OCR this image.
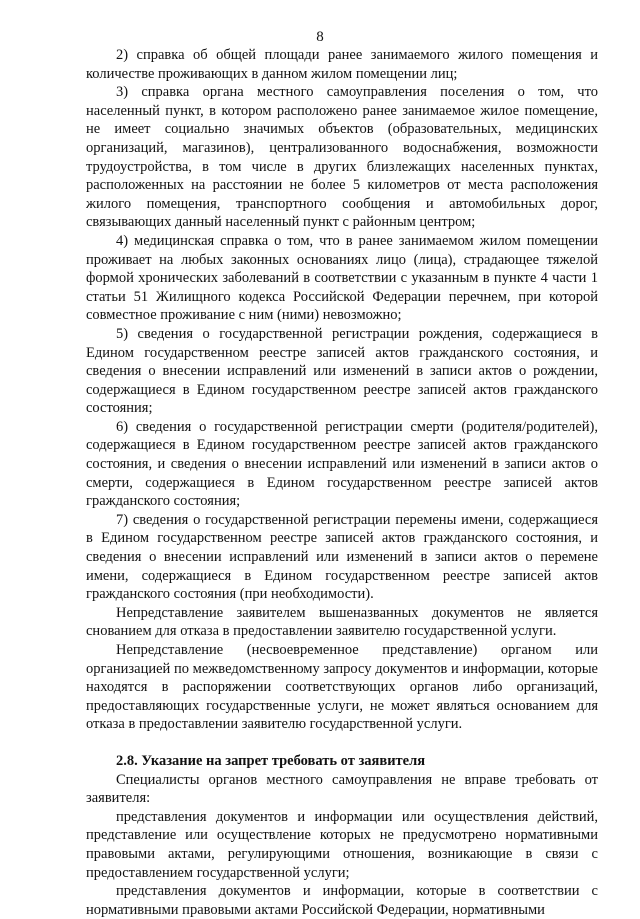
8

2) справка об общей площади ранее занимаемого жилого помещения и количестве проживающих в данном жилом помещении лиц;

3) справка органа местного самоуправления поселения о том, что населенный пункт, в котором расположено ранее занимаемое жилое помещение, не имеет социально значимых объектов (образовательных, медицинских организаций, магазинов), централизованного водоснабжения, возможности трудоустройства, в том числе в других близлежащих населенных пунктах, расположенных на расстоянии не более 5 километров от места расположения жилого помещения, транспортного сообщения и автомобильных дорог, связывающих данный населенный пункт с районным центром;

4) медицинская справка о том, что в ранее занимаемом жилом помещении проживает на любых законных основаниях лицо (лица), страдающее тяжелой формой хронических заболеваний в соответствии с указанным в пункте 4 части 1 статьи 51 Жилищного кодекса Российской Федерации перечнем, при которой совместное проживание с ним (ними) невозможно;

5) сведения о государственной регистрации рождения, содержащиеся в Едином государственном реестре записей актов гражданского состояния, и сведения о внесении исправлений или изменений в записи актов о рождении, содержащиеся в Едином государственном реестре записей актов гражданского состояния;

6) сведения о государственной регистрации смерти (родителя/родителей), содержащиеся в Едином государственном реестре записей актов гражданского состояния, и сведения о внесении исправлений или изменений в записи актов о смерти, содержащиеся в Едином государственном реестре записей актов гражданского состояния;

7) сведения о государственной регистрации перемены имени, содержащиеся в Едином государственном реестре записей актов гражданского состояния, и сведения о внесении исправлений или изменений в записи актов о перемене имени, содержащиеся в Едином государственном реестре записей актов гражданского состояния (при необходимости).

Непредставление заявителем вышеназванных документов не является снованием для отказа в предоставлении заявителю государственной услуги.

Непредставление (несвоевременное представление) органом или организацией по межведомственному запросу документов и информации, которые находятся в распоряжении соответствующих органов либо организаций, предоставляющих государственные услуги, не может являться основанием для отказа в предоставлении заявителю государственной услуги.

2.8. Указание на запрет требовать от заявителя

Специалисты органов местного самоуправления не вправе требовать от заявителя:

представления документов и информации или осуществления действий, представление или осуществление которых не предусмотрено нормативными правовыми актами, регулирующими отношения, возникающие в связи с предоставлением государственной услуги;

представления документов и информации, которые в соответствии с нормативными правовыми актами Российской Федерации, нормативными
